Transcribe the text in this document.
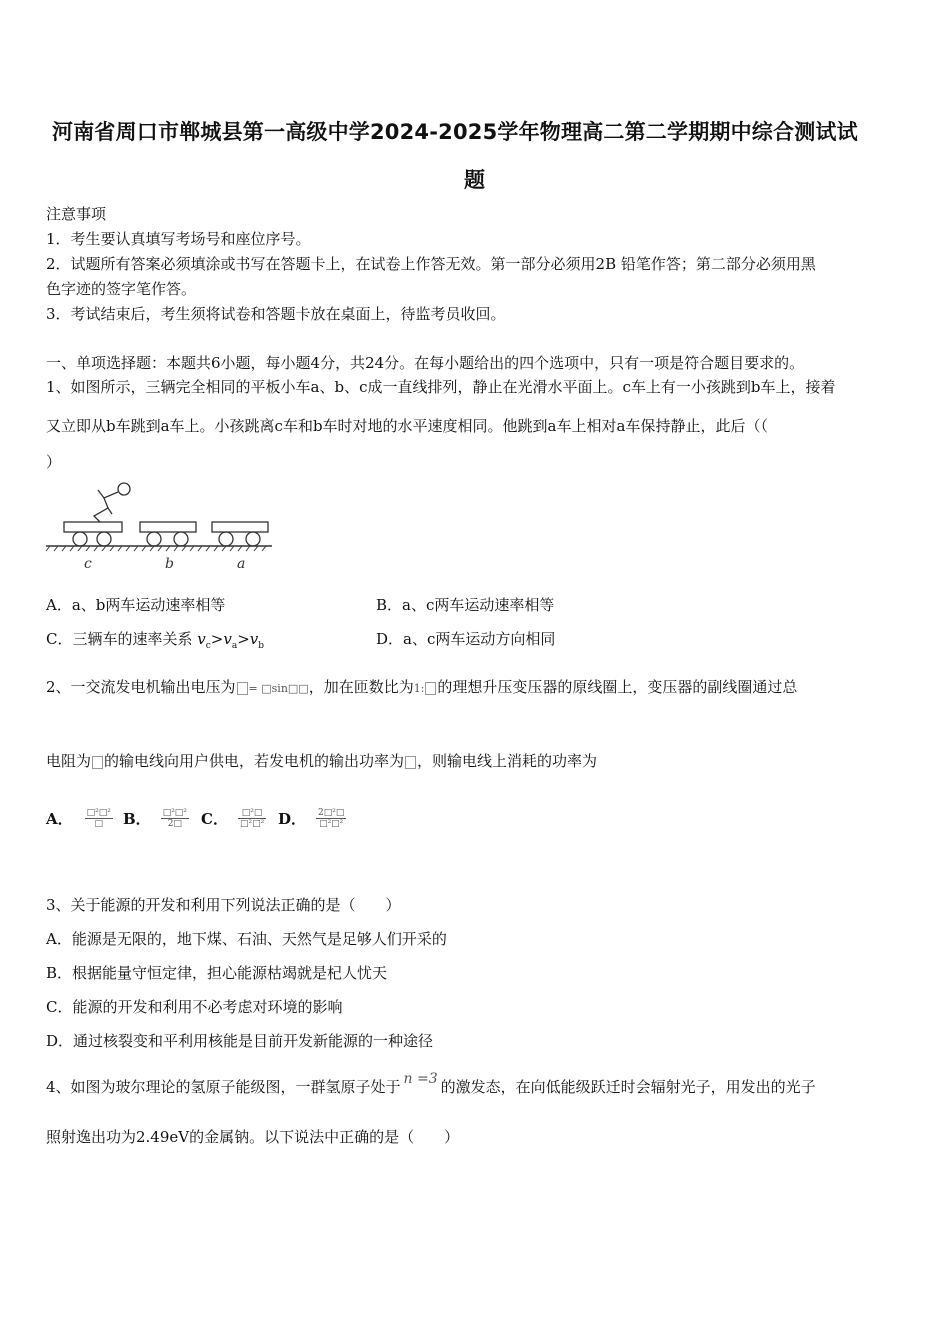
河南省周口市郸城县第一高级中学2024-2025学年物理高二第二学期期中综合测试试
题
注意事项
1．考生要认真填写考场号和座位序号。
2．试题所有答案必须填涂或书写在答题卡上，在试卷上作答无效。第一部分必须用2B 铅笔作答；第二部分必须用黑
色字迹的签字笔作答。
3．考试结束后，考生须将试卷和答题卡放在桌面上，待监考员收回。
一、单项选择题：本题共6小题，每小题4分，共24分。在每小题给出的四个选项中，只有一项是符合题目要求的。
1、如图所示，三辆完全相同的平板小车a、b、c成一直线排列，静止在光滑水平面上。c车上有一小孩跳到b车上，接着
又立即从b车跳到a车上。小孩跳离c车和b车时对地的水平速度相同。他跳到a车上相对a车保持静止，此后（（
）
c	b	a
A．a、b两车运动速率相等	B．a、c两车运动速率相等
C．三辆车的速率关系 $v_c>v_a>v_b$	D．a、c两车运动方向相同
2、一交流发电机输出电压为 = □sin□□，加在匝数比为1: 的理想升压变压器的原线圈上，变压器的副线圈通过总
电阻为 的输电线向用户供电，若发电机的输出功率为 ，则输电线上消耗的功率为
A． $\frac{\text{□²□²}}{□}$ B． $\frac{\text{□²□²}}{2□}$ C． $\frac{\text{□²□}}{\text{□²□²}}$ D． $\frac{\text{2□²□}}{\text{□²□²}}$
3、关于能源的开发和利用下列说法正确的是（　　）
A．能源是无限的，地下煤、石油、天然气是足够人们开采的
B．根据能量守恒定律，担心能源枯竭就是杞人忧天
C．能源的开发和利用不必考虑对环境的影响
D．通过核裂变和平利用核能是目前开发新能源的一种途径
4、如图为玻尔理论的氢原子能级图，一群氢原子处于 n =3 的激发态，在向低能级跃迁时会辐射光子，用发出的光子
照射逸出功为2.49eV的金属钠。以下说法中正确的是（　　）
